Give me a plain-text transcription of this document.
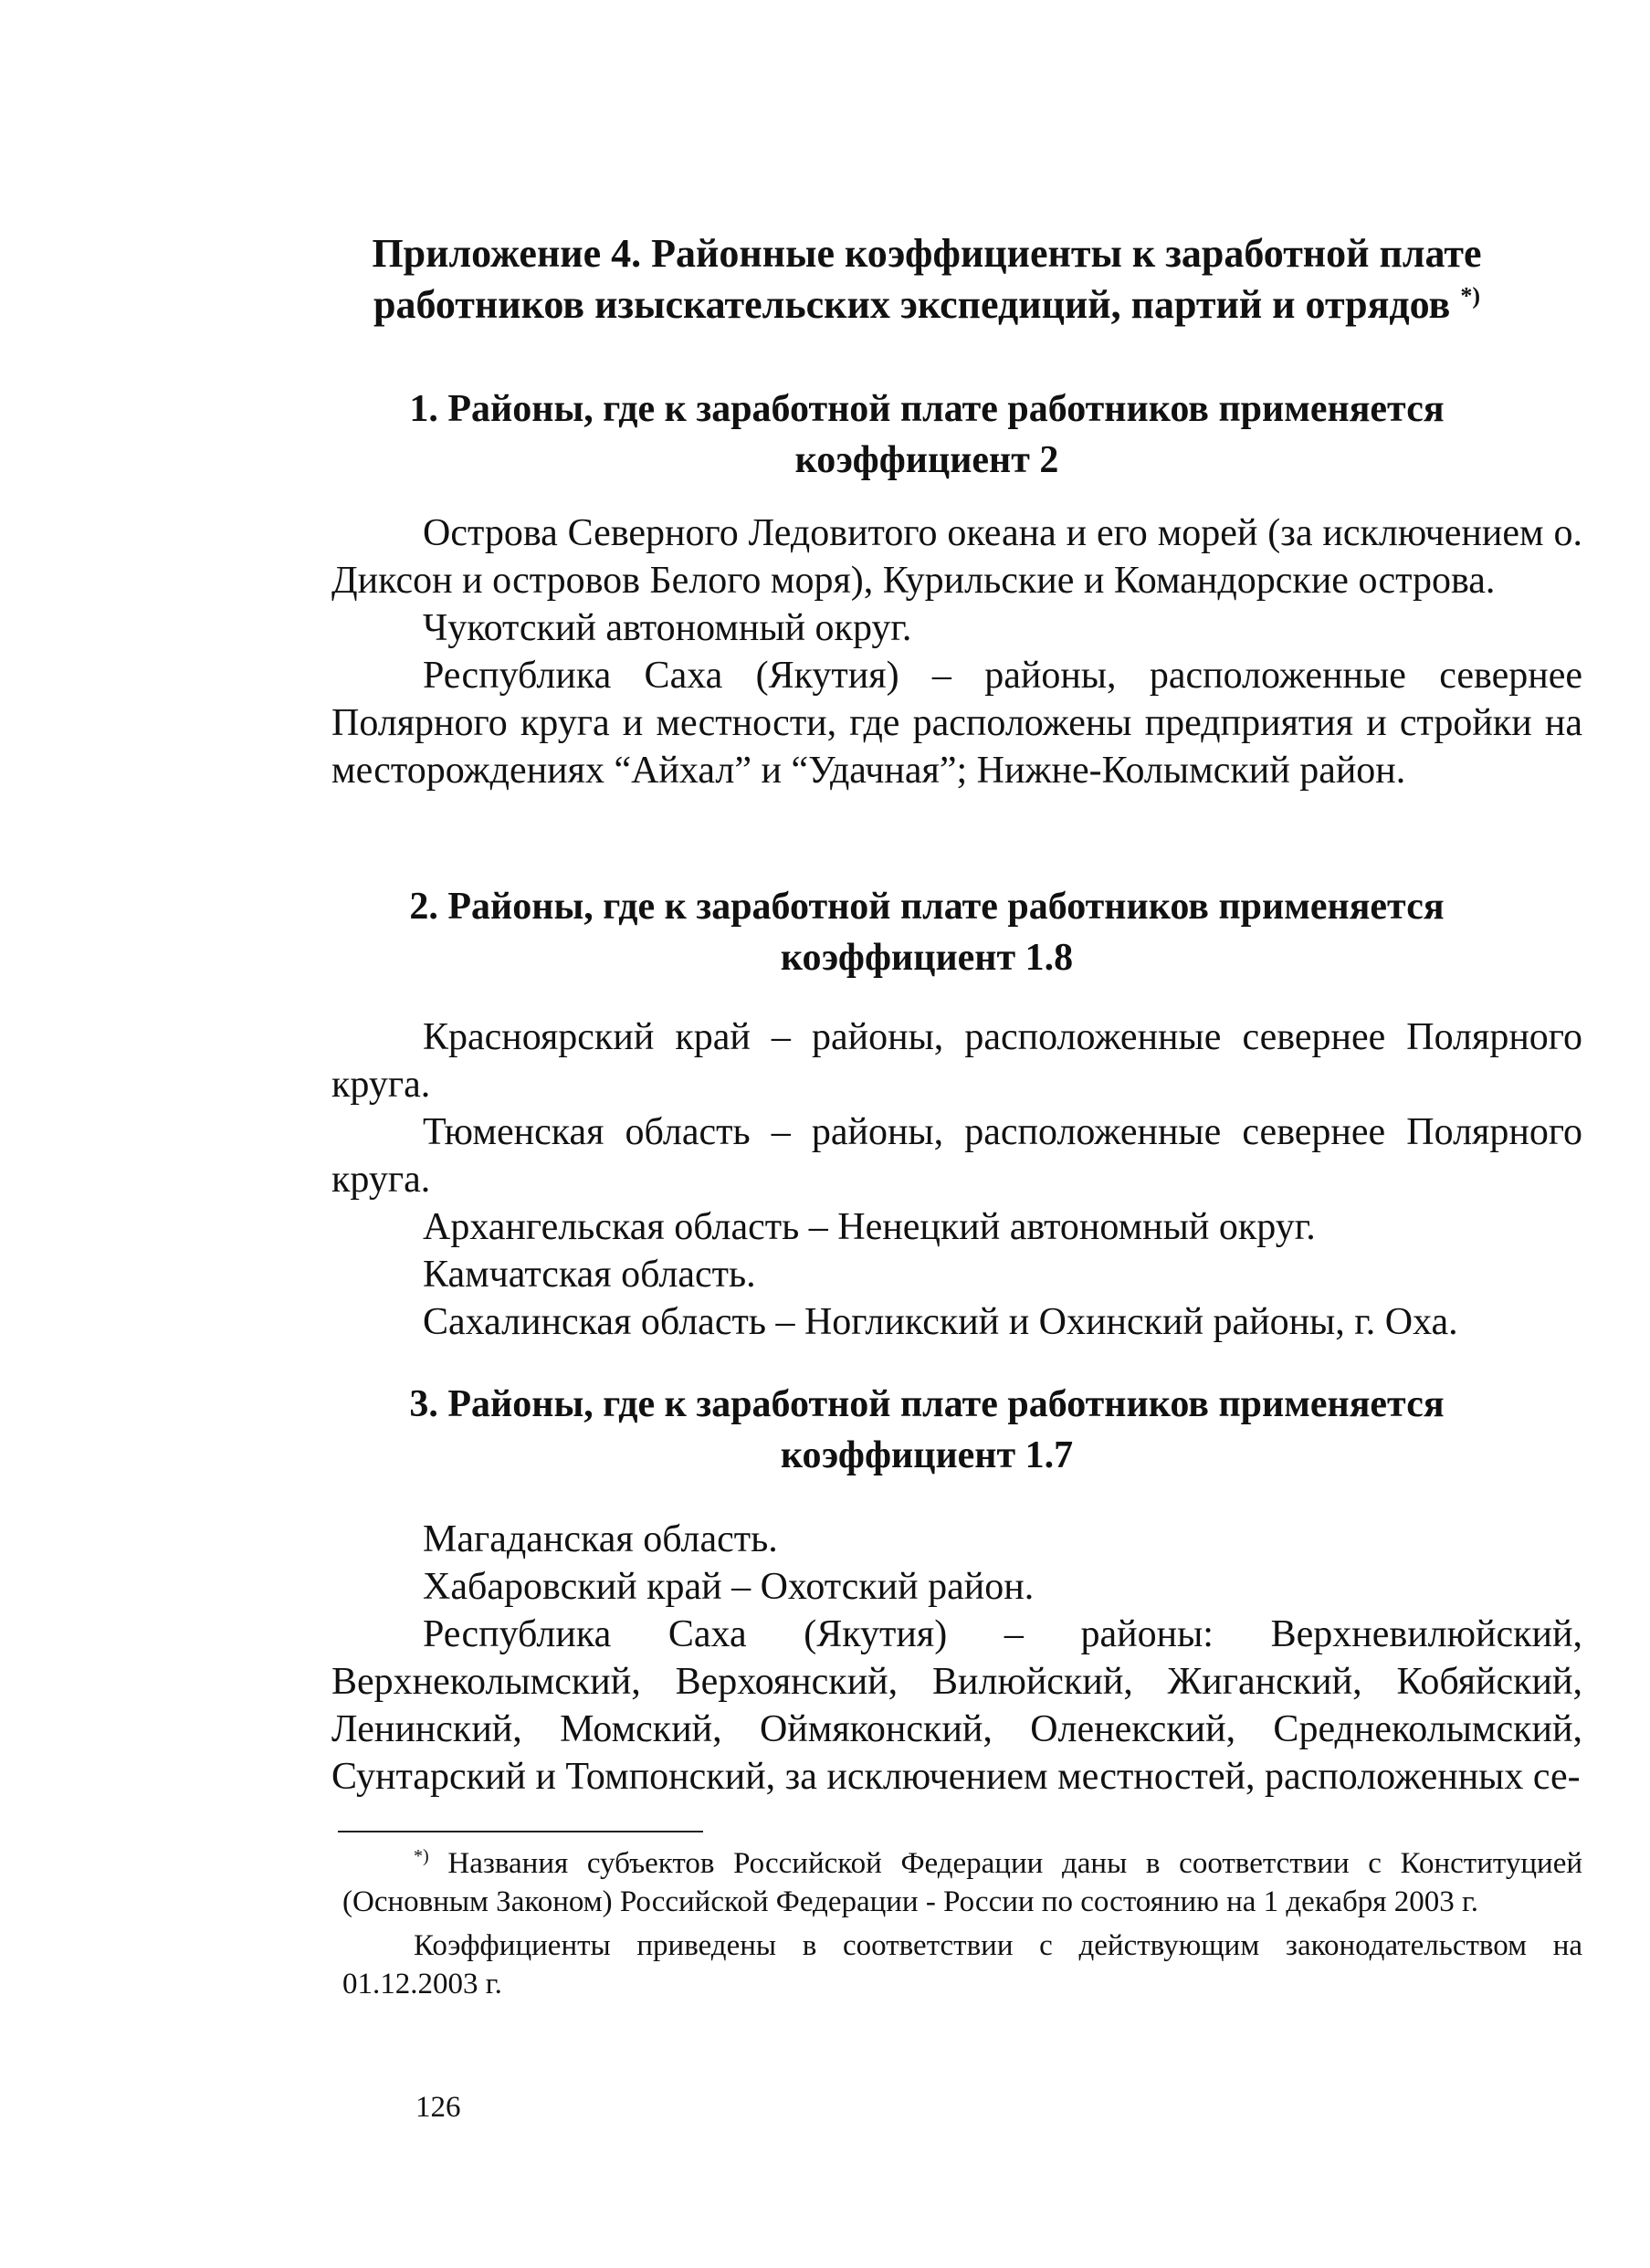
Приложение 4. Районные коэффициенты к заработной плате
работников изыскательских экспедиций, партий и отрядов *)
1. Районы, где к заработной плате работников применяется
коэффициент 2

Острова Северного Ледовитого океана и его морей (за исключением о. Диксон и островов Белого моря), Курильские и Командорские острова.

Чукотский автономный округ.

Республика Саха (Якутия) – районы, расположенные севернее Полярного круга и местности, где расположены предприятия и стройки на месторождениях “Айхал” и “Удачная”; Нижне-Колымский район.

2. Районы, где к заработной плате работников применяется
коэффициент 1.8

Красноярский край – районы, расположенные севернее Полярного круга.

Тюменская область – районы, расположенные севернее Полярного круга.

Архангельская область – Ненецкий автономный округ.

Камчатская область.

Сахалинская область – Ногликский и Охинский районы, г. Оха.

3. Районы, где к заработной плате работников применяется
коэффициент 1.7

Магаданская область.

Хабаровский край – Охотский район.

Республика Саха (Якутия) – районы: Верхневилюйский, Верхнеколымский, Верхоянский, Вилюйский, Жиганский, Кобяйский, Ленинский, Момский, Оймяконский, Оленекский, Среднеколымский, Сунтарский и Томпонский, за исключением местностей, расположенных се-

*) Названия субъектов Российской Федерации даны в соответствии с Конституцией (Основным Законом) Российской Федерации - России по состоянию на 1 декабря 2003 г.

Коэффициенты приведены в соответствии с действующим законодательством на 01.12.2003 г.

126
